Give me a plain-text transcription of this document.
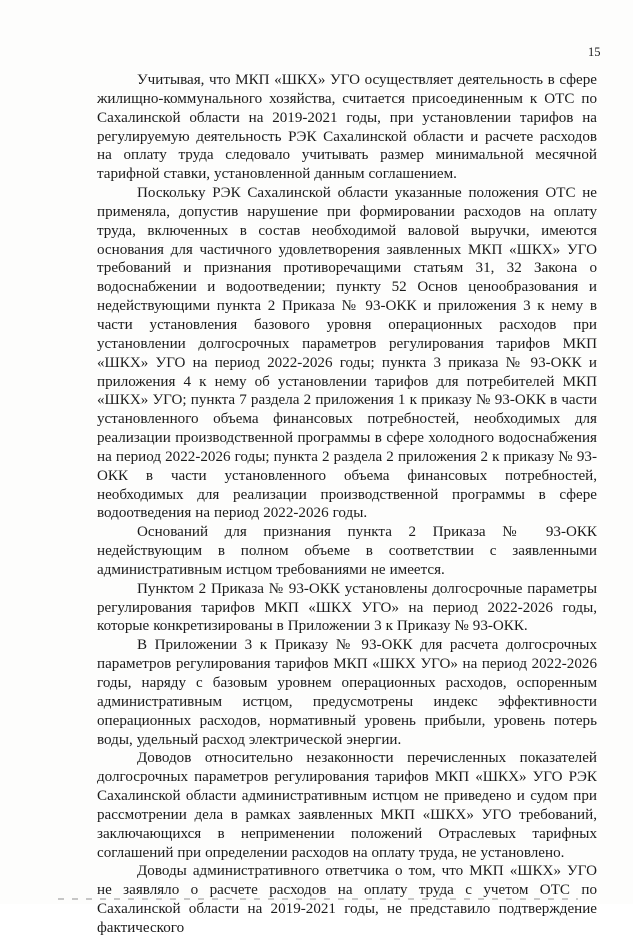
15

Учитывая, что МКП «ШКХ» УГО осуществляет деятельность в сфере жилищно-коммунального хозяйства, считается присоединенным к ОТС по Сахалинской области на 2019-2021 годы, при установлении тарифов на регулируемую деятельность РЭК Сахалинской области и расчете расходов на оплату труда следовало учитывать размер минимальной месячной тарифной ставки, установленной данным соглашением.

Поскольку РЭК Сахалинской области указанные положения ОТС не применяла, допустив нарушение при формировании расходов на оплату труда, включенных в состав необходимой валовой выручки, имеются основания для частичного удовлетворения заявленных МКП «ШКХ» УГО требований и признания противоречащими статьям 31, 32 Закона о водоснабжении и водоотведении; пункту 52 Основ ценообразования и недействующими пункта 2 Приказа № 93-ОКК и приложения 3 к нему в части установления базового уровня операционных расходов при установлении долгосрочных параметров регулирования тарифов МКП «ШКХ» УГО на период 2022-2026 годы; пункта 3 приказа № 93-ОКК и приложения 4 к нему об установлении тарифов для потребителей МКП «ШКХ» УГО; пункта 7 раздела 2 приложения 1 к приказу № 93-ОКК в части установленного объема финансовых потребностей, необходимых для реализации производственной программы в сфере холодного водоснабжения на период 2022-2026 годы; пункта 2 раздела 2 приложения 2 к приказу № 93-ОКК в части установленного объема финансовых потребностей, необходимых для реализации производственной программы в сфере водоотведения на период 2022-2026 годы.

Оснований для признания пункта 2 Приказа № 93-ОКК недействующим в полном объеме в соответствии с заявленными административным истцом требованиями не имеется.

Пунктом 2 Приказа № 93-ОКК установлены долгосрочные параметры регулирования тарифов МКП «ШКХ УГО» на период 2022-2026 годы, которые конкретизированы в Приложении 3 к Приказу № 93-ОКК.

В Приложении 3 к Приказу № 93-ОКК для расчета долгосрочных параметров регулирования тарифов МКП «ШКХ УГО» на период 2022-2026 годы, наряду с базовым уровнем операционных расходов, оспоренным административным истцом, предусмотрены индекс эффективности операционных расходов, нормативный уровень прибыли, уровень потерь воды, удельный расход электрической энергии.

Доводов относительно незаконности перечисленных показателей долгосрочных параметров регулирования тарифов МКП «ШКХ» УГО РЭК Сахалинской области административным истцом не приведено и судом при рассмотрении дела в рамках заявленных МКП «ШКХ» УГО требований, заключающихся в неприменении положений Отраслевых тарифных соглашений при определении расходов на оплату труда, не установлено.

Доводы административного ответчика о том, что МКП «ШКХ» УГО не заявляло о расчете расходов на оплату труда с учетом ОТС по Сахалинской области на 2019-2021 годы, не представило подтверждение фактического
